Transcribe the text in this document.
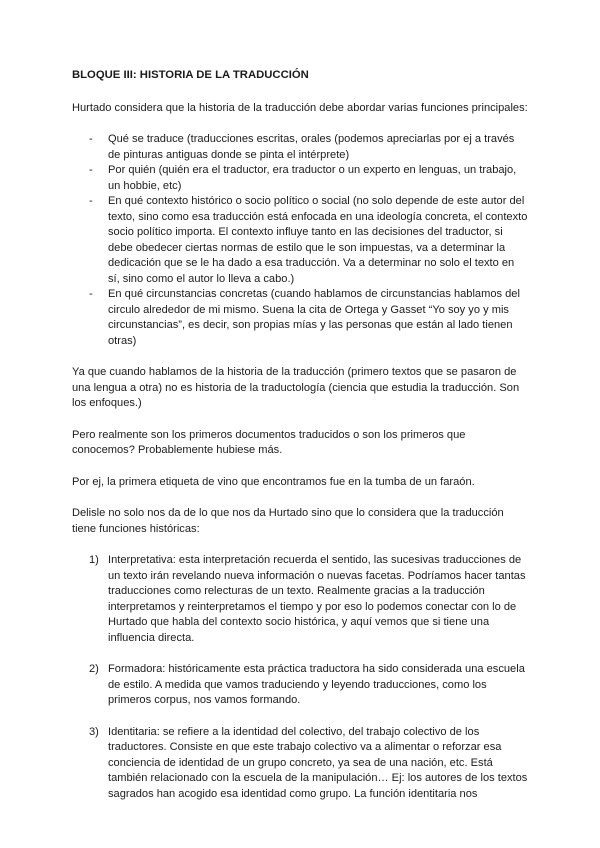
BLOQUE III: HISTORIA DE LA TRADUCCIÓN

Hurtado considera que la historia de la traducción debe abordar varias funciones principales:

- Qué se traduce (traducciones escritas, orales (podemos apreciarlas por ej a través de pinturas antiguas donde se pinta el intérprete)
- Por quién (quién era el traductor, era traductor o un experto en lenguas, un trabajo, un hobbie, etc)
- En qué contexto histórico o socio político o social (no solo depende de este autor del texto, sino como esa traducción está enfocada en una ideología concreta, el contexto socio político importa. El contexto influye tanto en las decisiones del traductor, si debe obedecer ciertas normas de estilo que le son impuestas, va a determinar la dedicación que se le ha dado a esa traducción. Va a determinar no solo el texto en sí, sino como el autor lo lleva a cabo.)
- En qué circunstancias concretas (cuando hablamos de circunstancias hablamos del circulo alrededor de mi mismo. Suena la cita de Ortega y Gasset “Yo soy yo y mis circunstancias”, es decir, son propias mías y las personas que están al lado tienen otras)

Ya que cuando hablamos de la historia de la traducción (primero textos que se pasaron de una lengua a otra) no es historia de la traductología (ciencia que estudia la traducción. Son los enfoques.)

Pero realmente son los primeros documentos traducidos o son los primeros que conocemos? Probablemente hubiese más.

Por ej, la primera etiqueta de vino que encontramos fue en la tumba de un faraón.

Delisle no solo nos da de lo que nos da Hurtado sino que lo considera que la traducción tiene funciones históricas:

1) Interpretativa: esta interpretación recuerda el sentido, las sucesivas traducciones de un texto irán revelando nueva información o nuevas facetas. Podríamos hacer tantas traducciones como relecturas de un texto. Realmente gracias a la traducción interpretamos y reinterpretamos el tiempo y por eso lo podemos conectar con lo de Hurtado que habla del contexto socio histórica, y aquí vemos que si tiene una influencia directa.
2) Formadora: históricamente esta práctica traductora ha sido considerada una escuela de estilo. A medida que vamos traduciendo y leyendo traducciones, como los primeros corpus, nos vamos formando.
3) Identitaria: se refiere a la identidad del colectivo, del trabajo colectivo de los traductores. Consiste en que este trabajo colectivo va a alimentar o reforzar esa conciencia de identidad de un grupo concreto, ya sea de una nación, etc. Está también relacionado con la escuela de la manipulación… Ej: los autores de los textos sagrados han acogido esa identidad como grupo. La función identitaria nos
